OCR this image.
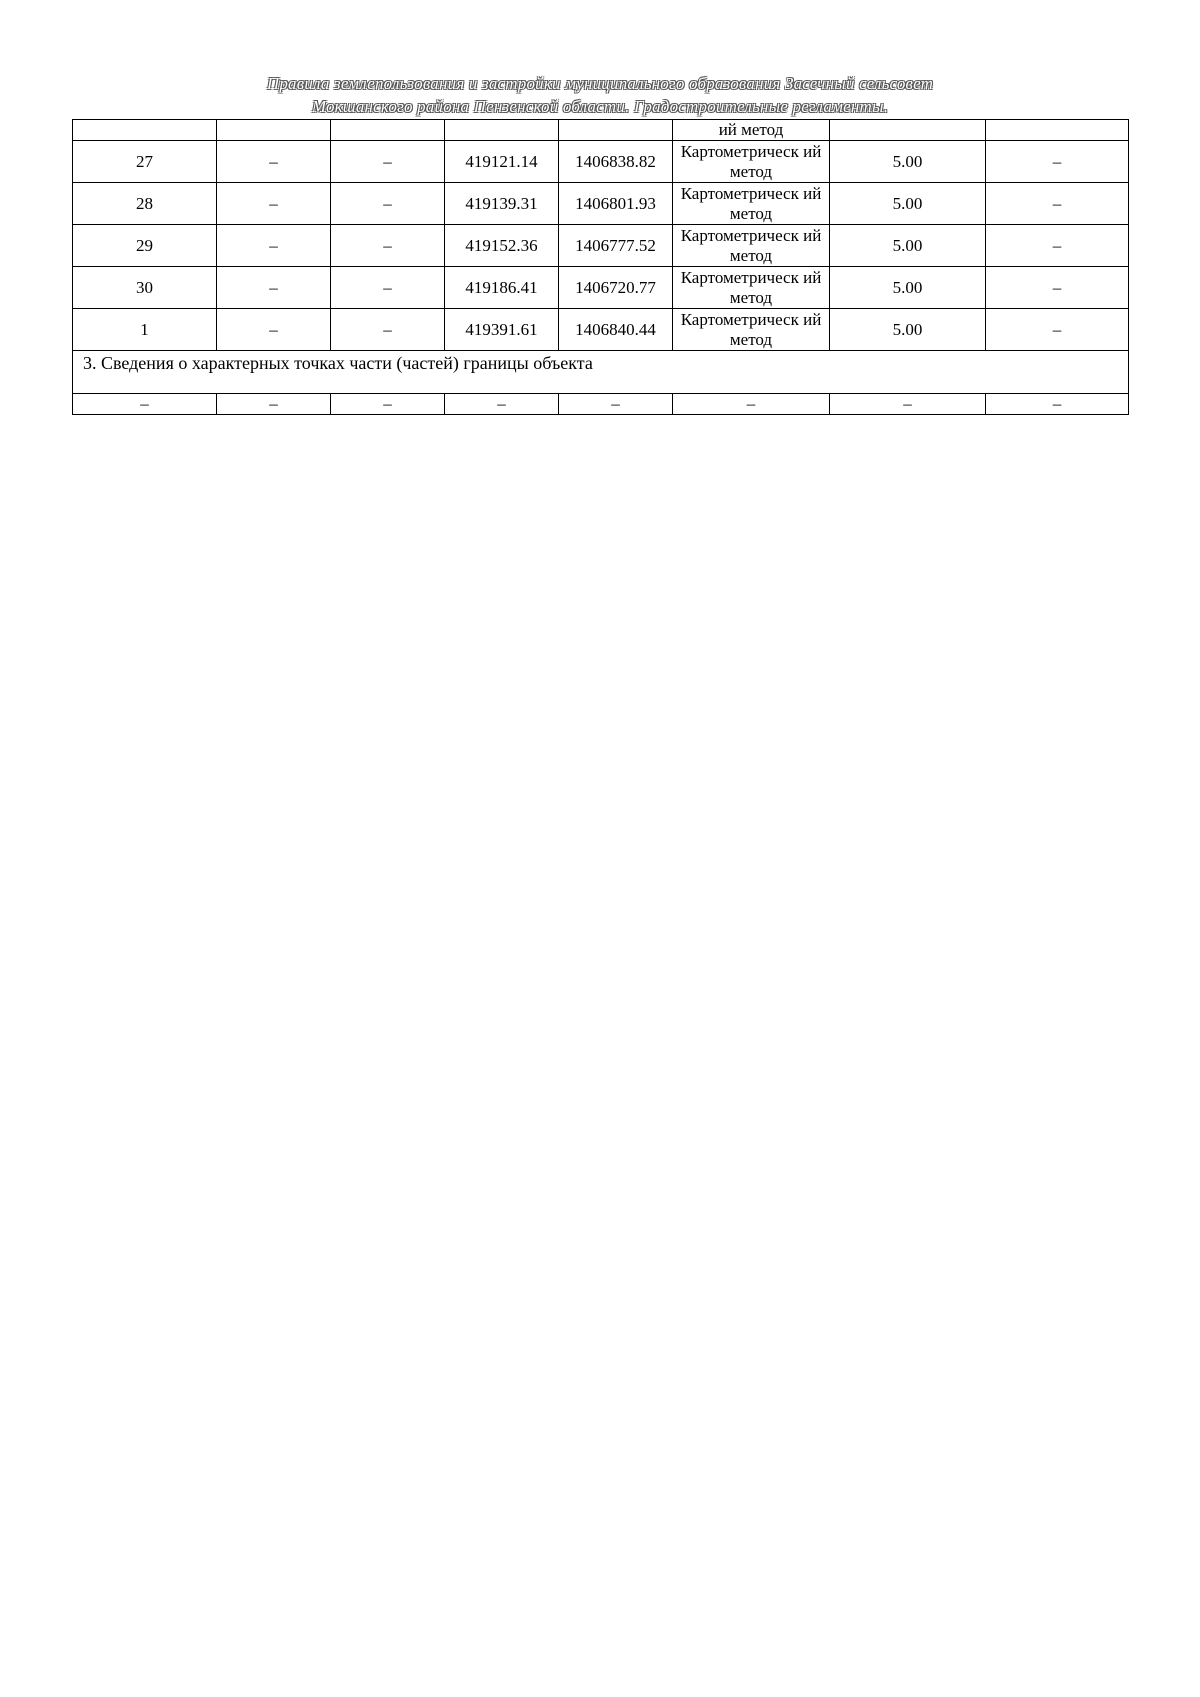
Правила землепользования и застройки муниципального образования Засечный сельсовет
Мокшанского района Пензенской области. Градостроительные регламенты.
					ий метод		
27	–	–	419121.14	1406838.82	Картометрическ ий метод	5.00	–
28	–	–	419139.31	1406801.93	Картометрическ ий метод	5.00	–
29	–	–	419152.36	1406777.52	Картометрическ ий метод	5.00	–
30	–	–	419186.41	1406720.77	Картометрическ ий метод	5.00	–
1	–	–	419391.61	1406840.44	Картометрическ ий метод	5.00	–
3. Сведения о характерных точках части (частей) границы объекта							
–	–	–	–	–	–	–	–
